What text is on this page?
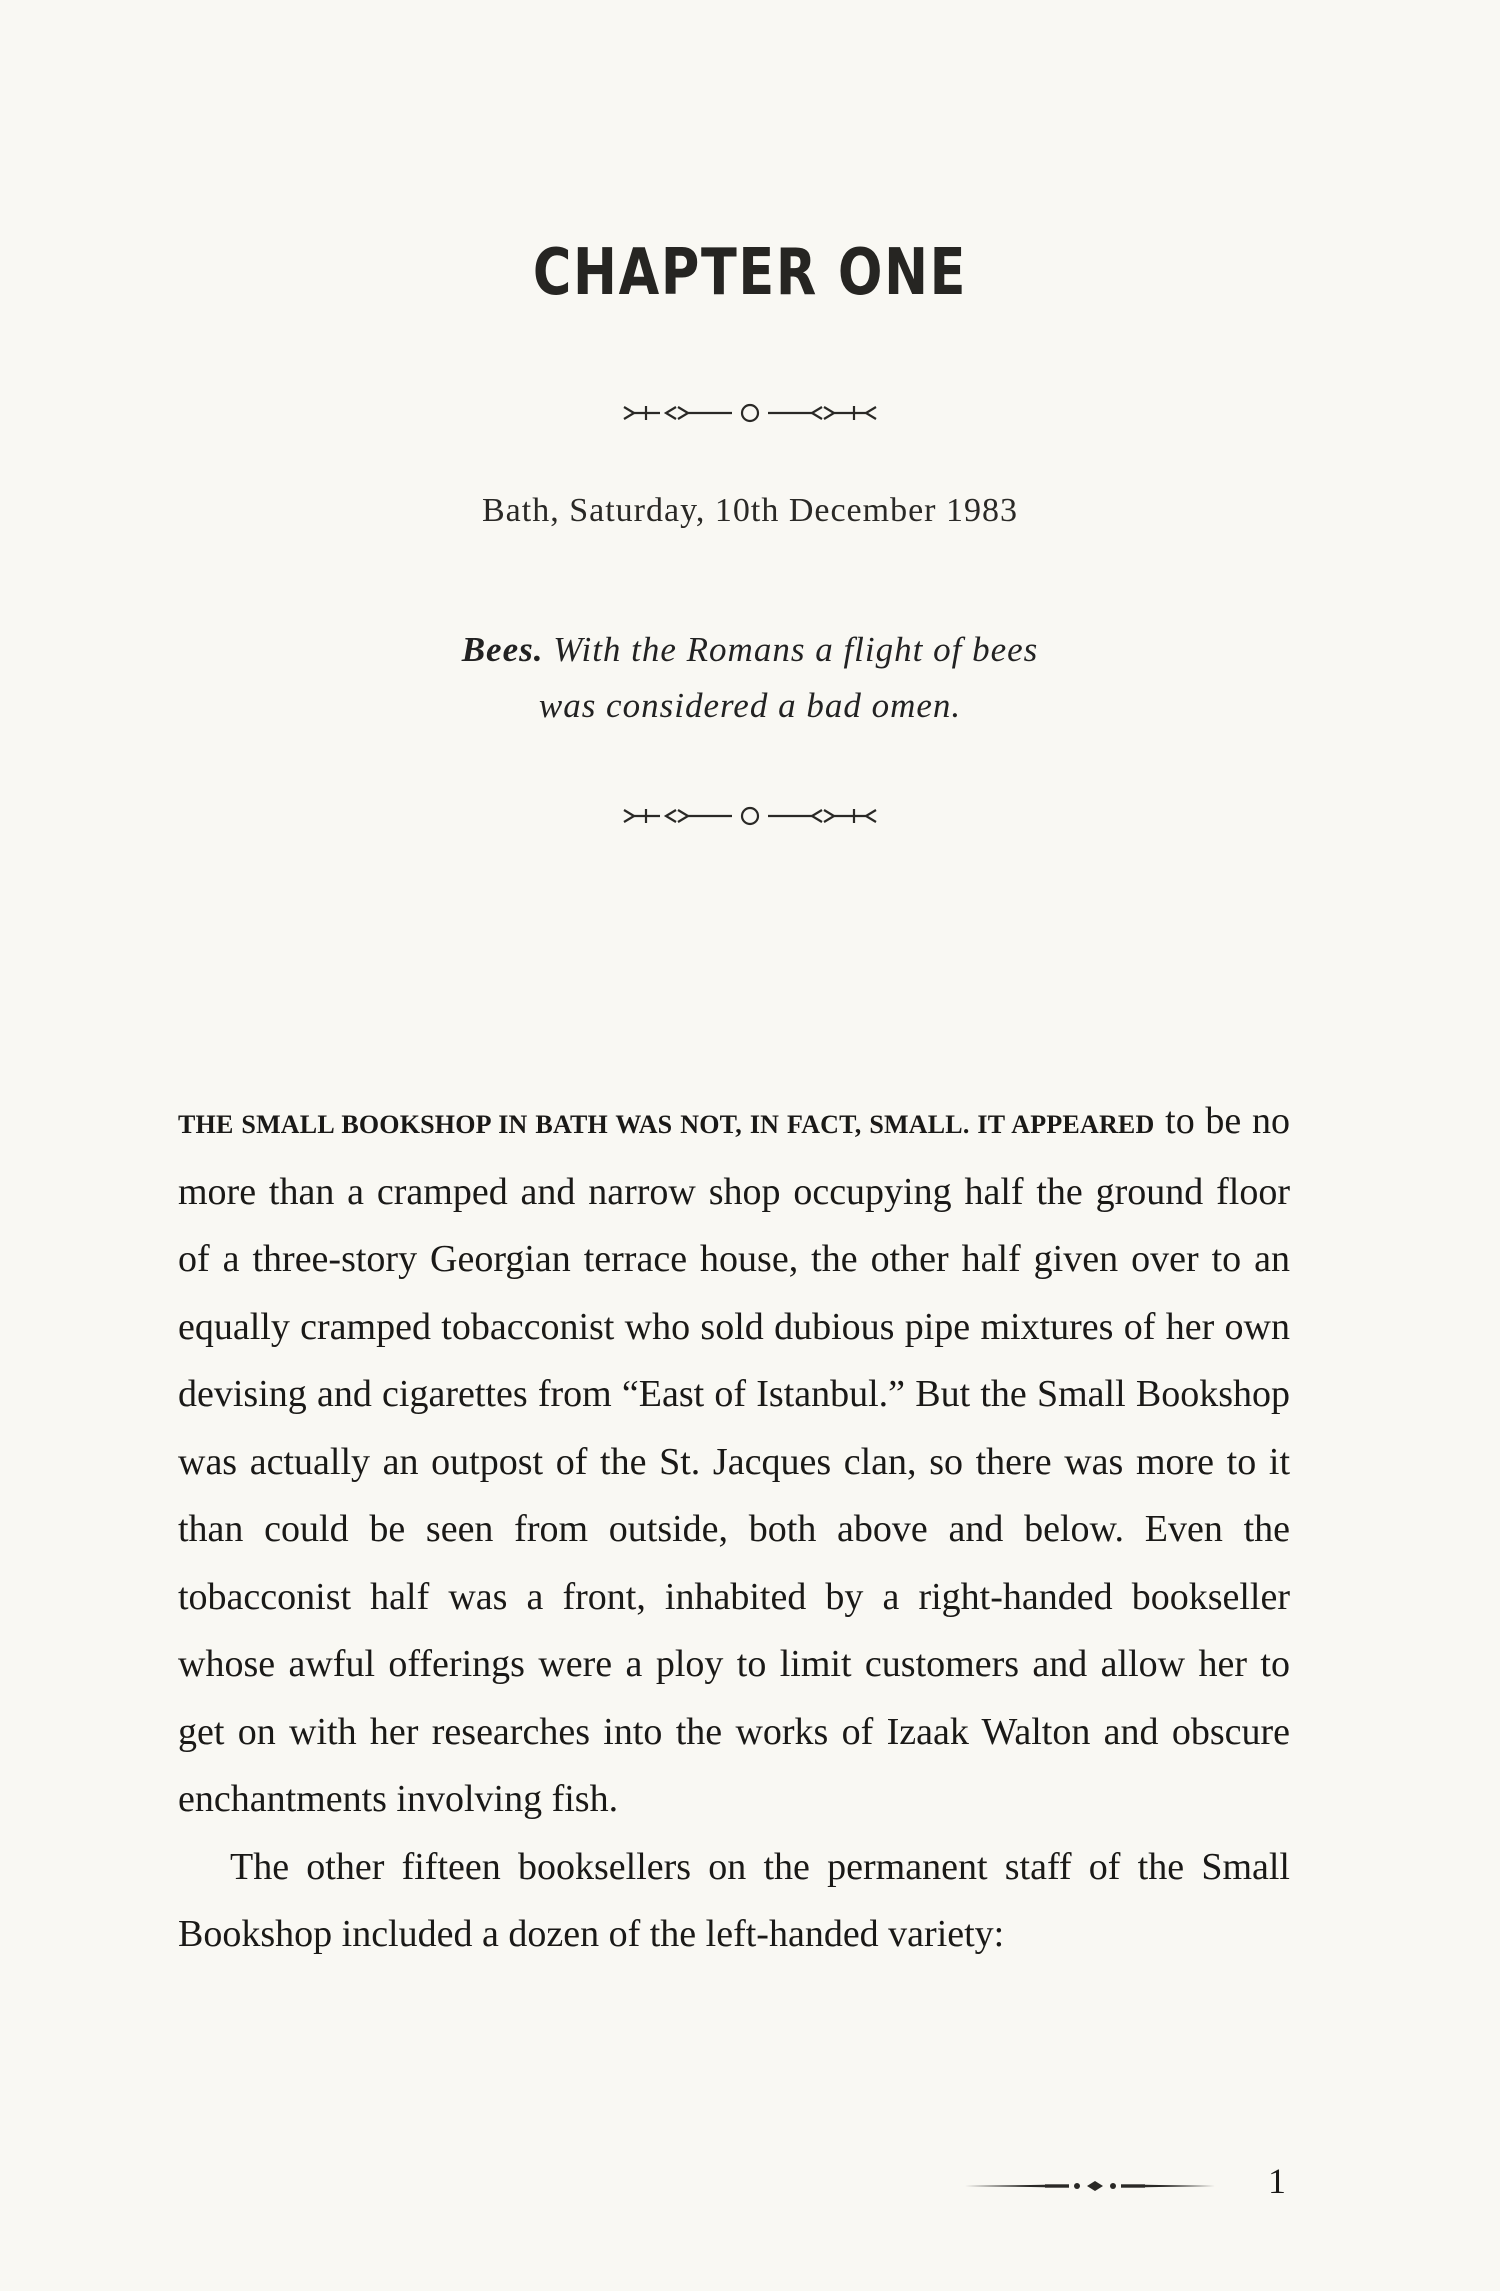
CHAPTER ONE
Bath, Saturday, 10th December 1983
Bees. With the Romans a flight of bees
was considered a bad omen.

THE SMALL BOOKSHOP IN BATH WAS NOT, IN FACT, SMALL. IT APPEARED to be no more than a cramped and narrow shop occupying half the ground floor of a three-story Georgian terrace house, the other half given over to an equally cramped tobacconist who sold dubious pipe mixtures of her own devising and cigarettes from “East of Istanbul.” But the Small Bookshop was actually an outpost of the St. Jacques clan, so there was more to it than could be seen from outside, both above and below. Even the tobacconist half was a front, inhabited by a right-handed bookseller whose awful offerings were a ploy to limit customers and allow her to get on with her researches into the works of Izaak Walton and obscure enchantments involving fish.

The other fifteen booksellers on the permanent staff of the Small Bookshop included a dozen of the left-handed variety:

1
